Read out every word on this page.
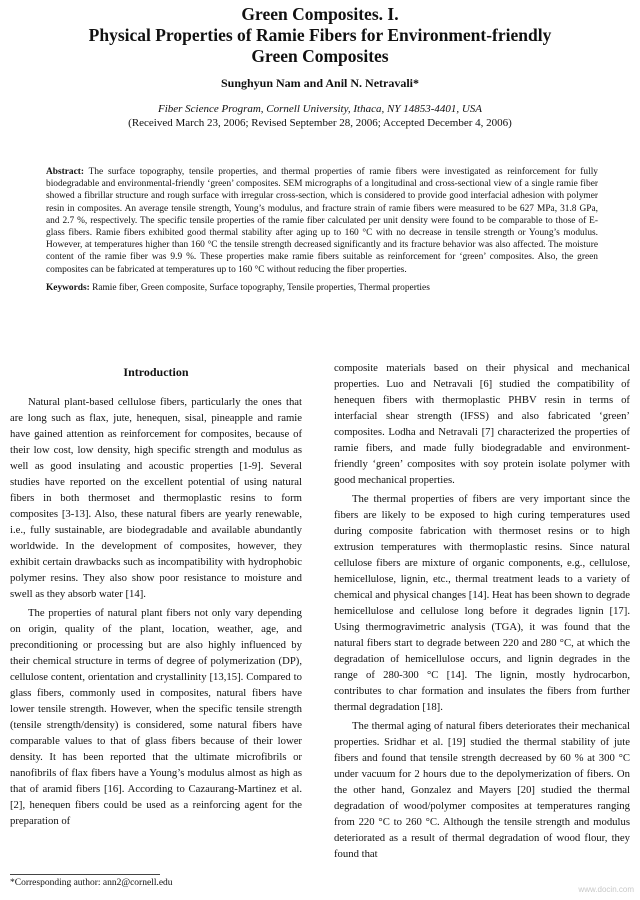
Green Composites. I.
Physical Properties of Ramie Fibers for Environment-friendly
Green Composites
Sunghyun Nam and Anil N. Netravali*
Fiber Science Program, Cornell University, Ithaca, NY 14853-4401, USA
(Received March 23, 2006; Revised September 28, 2006; Accepted December 4, 2006)
Abstract: The surface topography, tensile properties, and thermal properties of ramie fibers were investigated as reinforcement for fully biodegradable and environmental-friendly ‘green’ composites. SEM micrographs of a longitudinal and cross-sectional view of a single ramie fiber showed a fibrillar structure and rough surface with irregular cross-section, which is considered to provide good interfacial adhesion with polymer resin in composites. An average tensile strength, Young’s modulus, and fracture strain of ramie fibers were measured to be 627 MPa, 31.8 GPa, and 2.7 %, respectively. The specific tensile properties of the ramie fiber calculated per unit density were found to be comparable to those of E-glass fibers. Ramie fibers exhibited good thermal stability after aging up to 160 °C with no decrease in tensile strength or Young’s modulus. However, at temperatures higher than 160 °C the tensile strength decreased significantly and its fracture behavior was also affected. The moisture content of the ramie fiber was 9.9 %. These properties make ramie fibers suitable as reinforcement for ‘green’ composites. Also, the green composites can be fabricated at temperatures up to 160 °C without reducing the fiber properties.
Keywords: Ramie fiber, Green composite, Surface topography, Tensile properties, Thermal properties
Introduction

Natural plant-based cellulose fibers, particularly the ones that are long such as flax, jute, henequen, sisal, pineapple and ramie have gained attention as reinforcement for composites, because of their low cost, low density, high specific strength and modulus as well as good insulating and acoustic properties [1-9]. Several studies have reported on the excellent potential of using natural fibers in both thermoset and thermoplastic resins to form composites [3-13]. Also, these natural fibers are yearly renewable, i.e., fully sustainable, are biodegradable and available abundantly worldwide. In the development of composites, however, they exhibit certain drawbacks such as incompatibility with hydrophobic polymer resins. They also show poor resistance to moisture and swell as they absorb water [14].

The properties of natural plant fibers not only vary depending on origin, quality of the plant, location, weather, age, and preconditioning or processing but are also highly influenced by their chemical structure in terms of degree of polymerization (DP), cellulose content, orientation and crystallinity [13,15]. Compared to glass fibers, commonly used in composites, natural fibers have lower tensile strength. However, when the specific tensile strength (tensile strength/density) is considered, some natural fibers have comparable values to that of glass fibers because of their lower density. It has been reported that the ultimate microfibrils or nanofibrils of flax fibers have a Young’s modulus almost as high as that of aramid fibers [16]. According to Cazaurang-Martinez et al. [2], henequen fibers could be used as a reinforcing agent for the preparation of

composite materials based on their physical and mechanical properties. Luo and Netravali [6] studied the compatibility of henequen fibers with thermoplastic PHBV resin in terms of interfacial shear strength (IFSS) and also fabricated ‘green’ composites. Lodha and Netravali [7] characterized the properties of ramie fibers, and made fully biodegradable and environment-friendly ‘green’ composites with soy protein isolate polymer with good mechanical properties.

The thermal properties of fibers are very important since the fibers are likely to be exposed to high curing temperatures used during composite fabrication with thermoset resins or to high extrusion temperatures with thermoplastic resins. Since natural cellulose fibers are mixture of organic components, e.g., cellulose, hemicellulose, lignin, etc., thermal treatment leads to a variety of chemical and physical changes [14]. Heat has been shown to degrade hemicellulose and cellulose long before it degrades lignin [17]. Using thermogravimetric analysis (TGA), it was found that the natural fibers start to degrade between 220 and 280 °C, at which the degradation of hemicellulose occurs, and lignin degrades in the range of 280-300 °C [14]. The lignin, mostly hydrocarbon, contributes to char formation and insulates the fibers from further thermal degradation [18].

The thermal aging of natural fibers deteriorates their mechanical properties. Sridhar et al. [19] studied the thermal stability of jute fibers and found that tensile strength decreased by 60 % at 300 °C under vacuum for 2 hours due to the depolymerization of fibers. On the other hand, Gonzalez and Mayers [20] studied the thermal degradation of wood/polymer composites at temperatures ranging from 220 °C to 260 °C. Although the tensile strength and modulus deteriorated as a result of thermal degradation of wood flour, they found that

*Corresponding author: ann2@cornell.edu
www.docin.com
